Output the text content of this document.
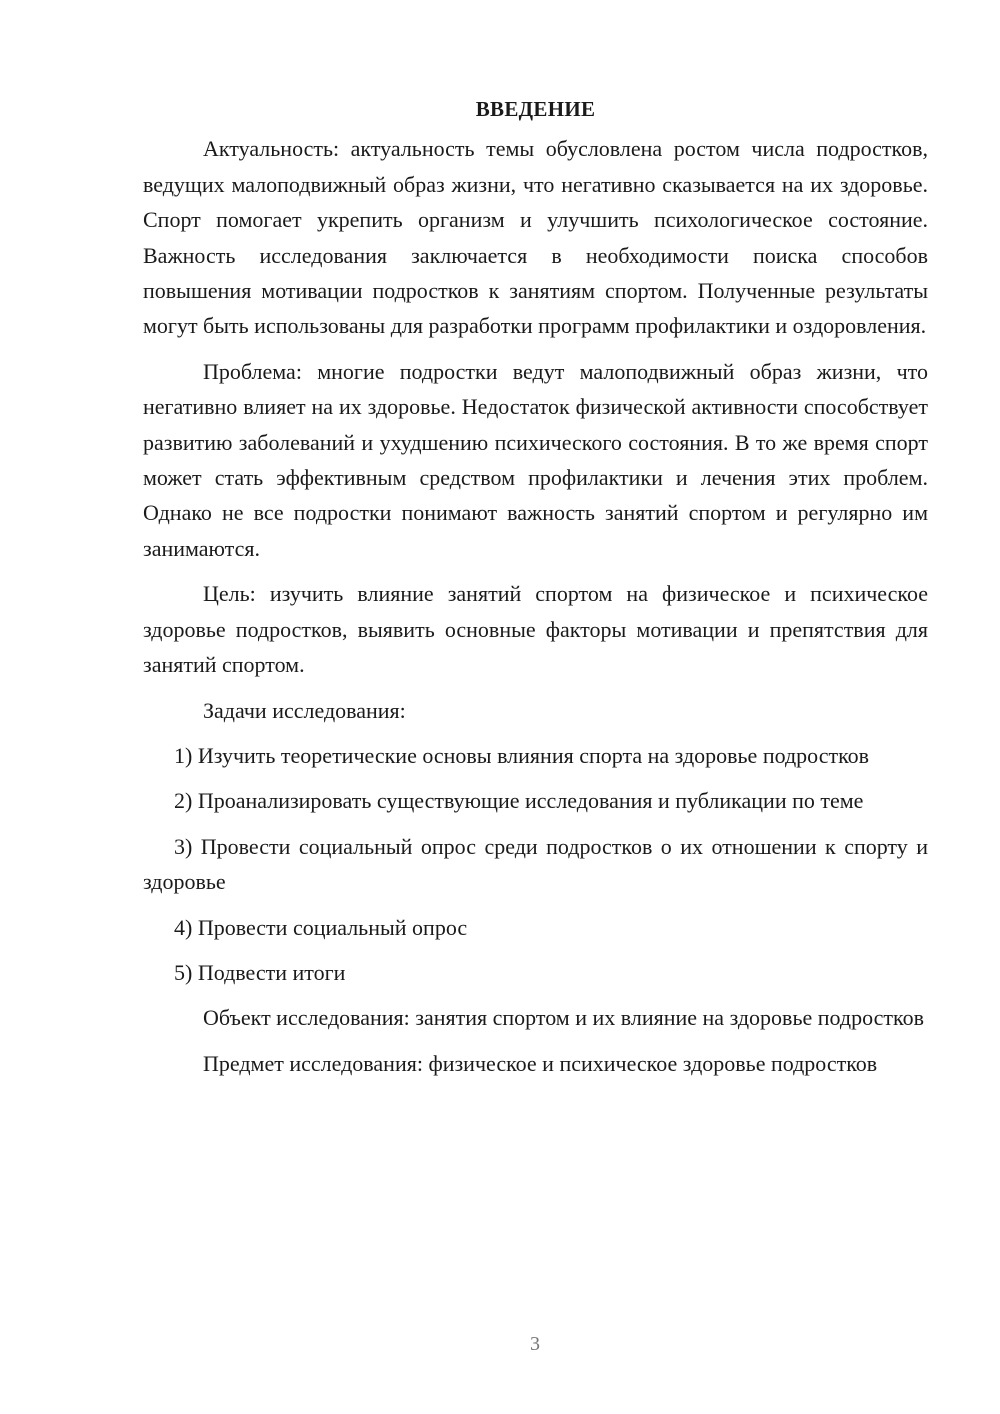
ВВЕДЕНИЕ

Актуальность: актуальность темы обусловлена ростом числа подростков, ведущих малоподвижный образ жизни, что негативно сказывается на их здоровье. Спорт помогает укрепить организм и улучшить психологическое состояние. Важность исследования заключается в необходимости поиска способов повышения мотивации подростков к занятиям спортом. Полученные результаты могут быть использованы для разработки программ профилактики и оздоровления.

Проблема: многие подростки ведут малоподвижный образ жизни, что негативно влияет на их здоровье. Недостаток физической активности способствует развитию заболеваний и ухудшению психического состояния. В то же время спорт может стать эффективным средством профилактики и лечения этих проблем. Однако не все подростки понимают важность занятий спортом и регулярно им занимаются.

Цель: изучить влияние занятий спортом на физическое и психическое здоровье подростков, выявить основные факторы мотивации и препятствия для занятий спортом.

Задачи исследования:

1) Изучить теоретические основы влияния спорта на здоровье подростков

2) Проанализировать существующие исследования и публикации по теме

3) Провести социальный опрос среди подростков о их отношении к спорту и здоровье

4) Провести социальный опрос

5) Подвести итоги

Объект исследования: занятия спортом и их влияние на здоровье подростков

Предмет исследования: физическое и психическое здоровье подростков

3
